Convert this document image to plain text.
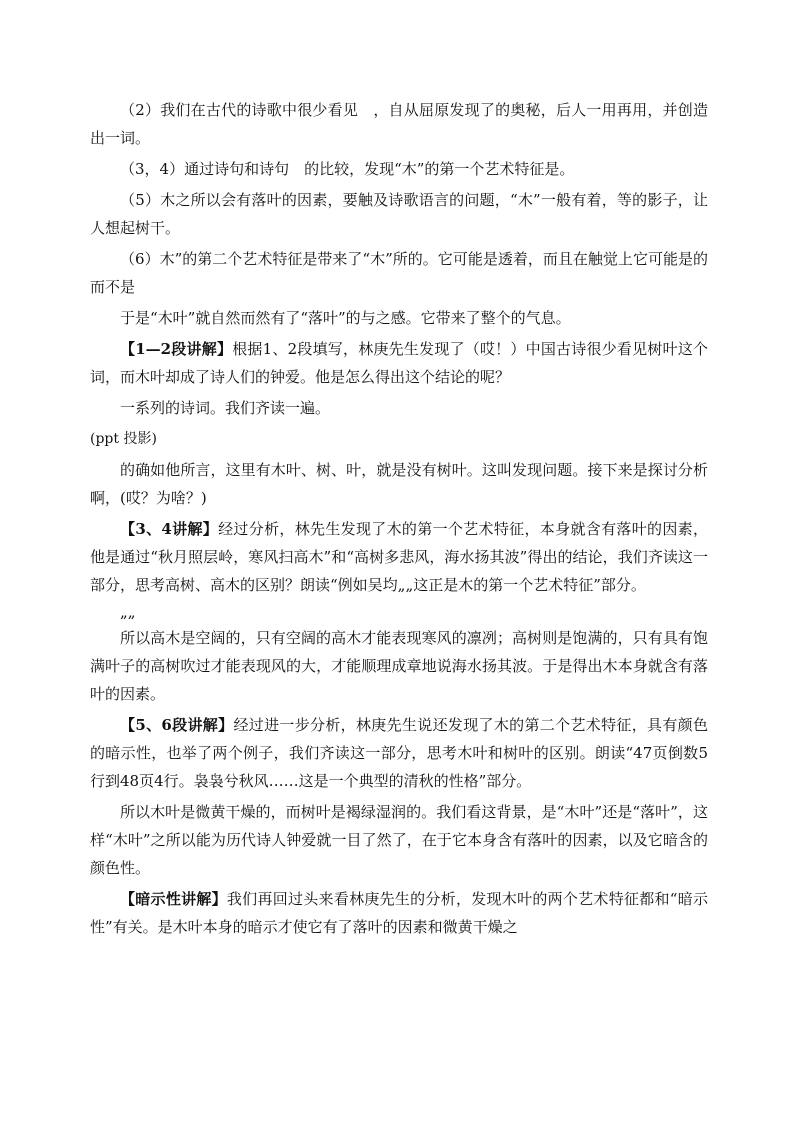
（2）我们在古代的诗歌中很少看见　，自从屈原发现了的奥秘，后人一用再用，并创造出一词。

（3，4）通过诗句和诗句　的比较，发现“木”的第一个艺术特征是。

（5）木之所以会有落叶的因素，要触及诗歌语言的问题，“木”一般有着，等的影子，让人想起树干。

（6）木”的第二个艺术特征是带来了“木”所的。它可能是透着，而且在触觉上它可能是的而不是

于是“木叶”就自然而然有了“落叶”的与之感。它带来了整个的气息。

【1—2段讲解】根据1、2段填写，林庚先生发现了（哎！）中国古诗很少看见树叶这个词，而木叶却成了诗人们的钟爱。他是怎么得出这个结论的呢？

一系列的诗词。我们齐读一遍。

(ppt 投影)

的确如他所言，这里有木叶、树、叶，就是没有树叶。这叫发现问题。接下来是探讨分析啊，(哎？为啥？)

【3、4讲解】经过分析，林先生发现了木的第一个艺术特征，本身就含有落叶的因素，他是通过“秋月照层岭，寒风扫高木”和“高树多悲风，海水扬其波”得出的结论，我们齐读这一部分，思考高树、高木的区别？朗读“例如吴均„„这正是木的第一个艺术特征”部分。

„„

所以高木是空阔的，只有空阔的高木才能表现寒风的凛冽；高树则是饱满的，只有具有饱满叶子的高树吹过才能表现风的大，才能顺理成章地说海水扬其波。于是得出木本身就含有落叶的因素。

【5、6段讲解】经过进一步分析，林庚先生说还发现了木的第二个艺术特征，具有颜色的暗示性，也举了两个例子，我们齐读这一部分，思考木叶和树叶的区别。朗读“47页倒数5行到48页4行。袅袅兮秋风……这是一个典型的清秋的性格”部分。

所以木叶是微黄干燥的，而树叶是褐绿湿润的。我们看这背景，是“木叶”还是“落叶”，这样“木叶”之所以能为历代诗人钟爱就一目了然了，在于它本身含有落叶的因素，以及它暗含的颜色性。

【暗示性讲解】我们再回过头来看林庚先生的分析，发现木叶的两个艺术特征都和“暗示性”有关。是木叶本身的暗示才使它有了落叶的因素和微黄干燥之
